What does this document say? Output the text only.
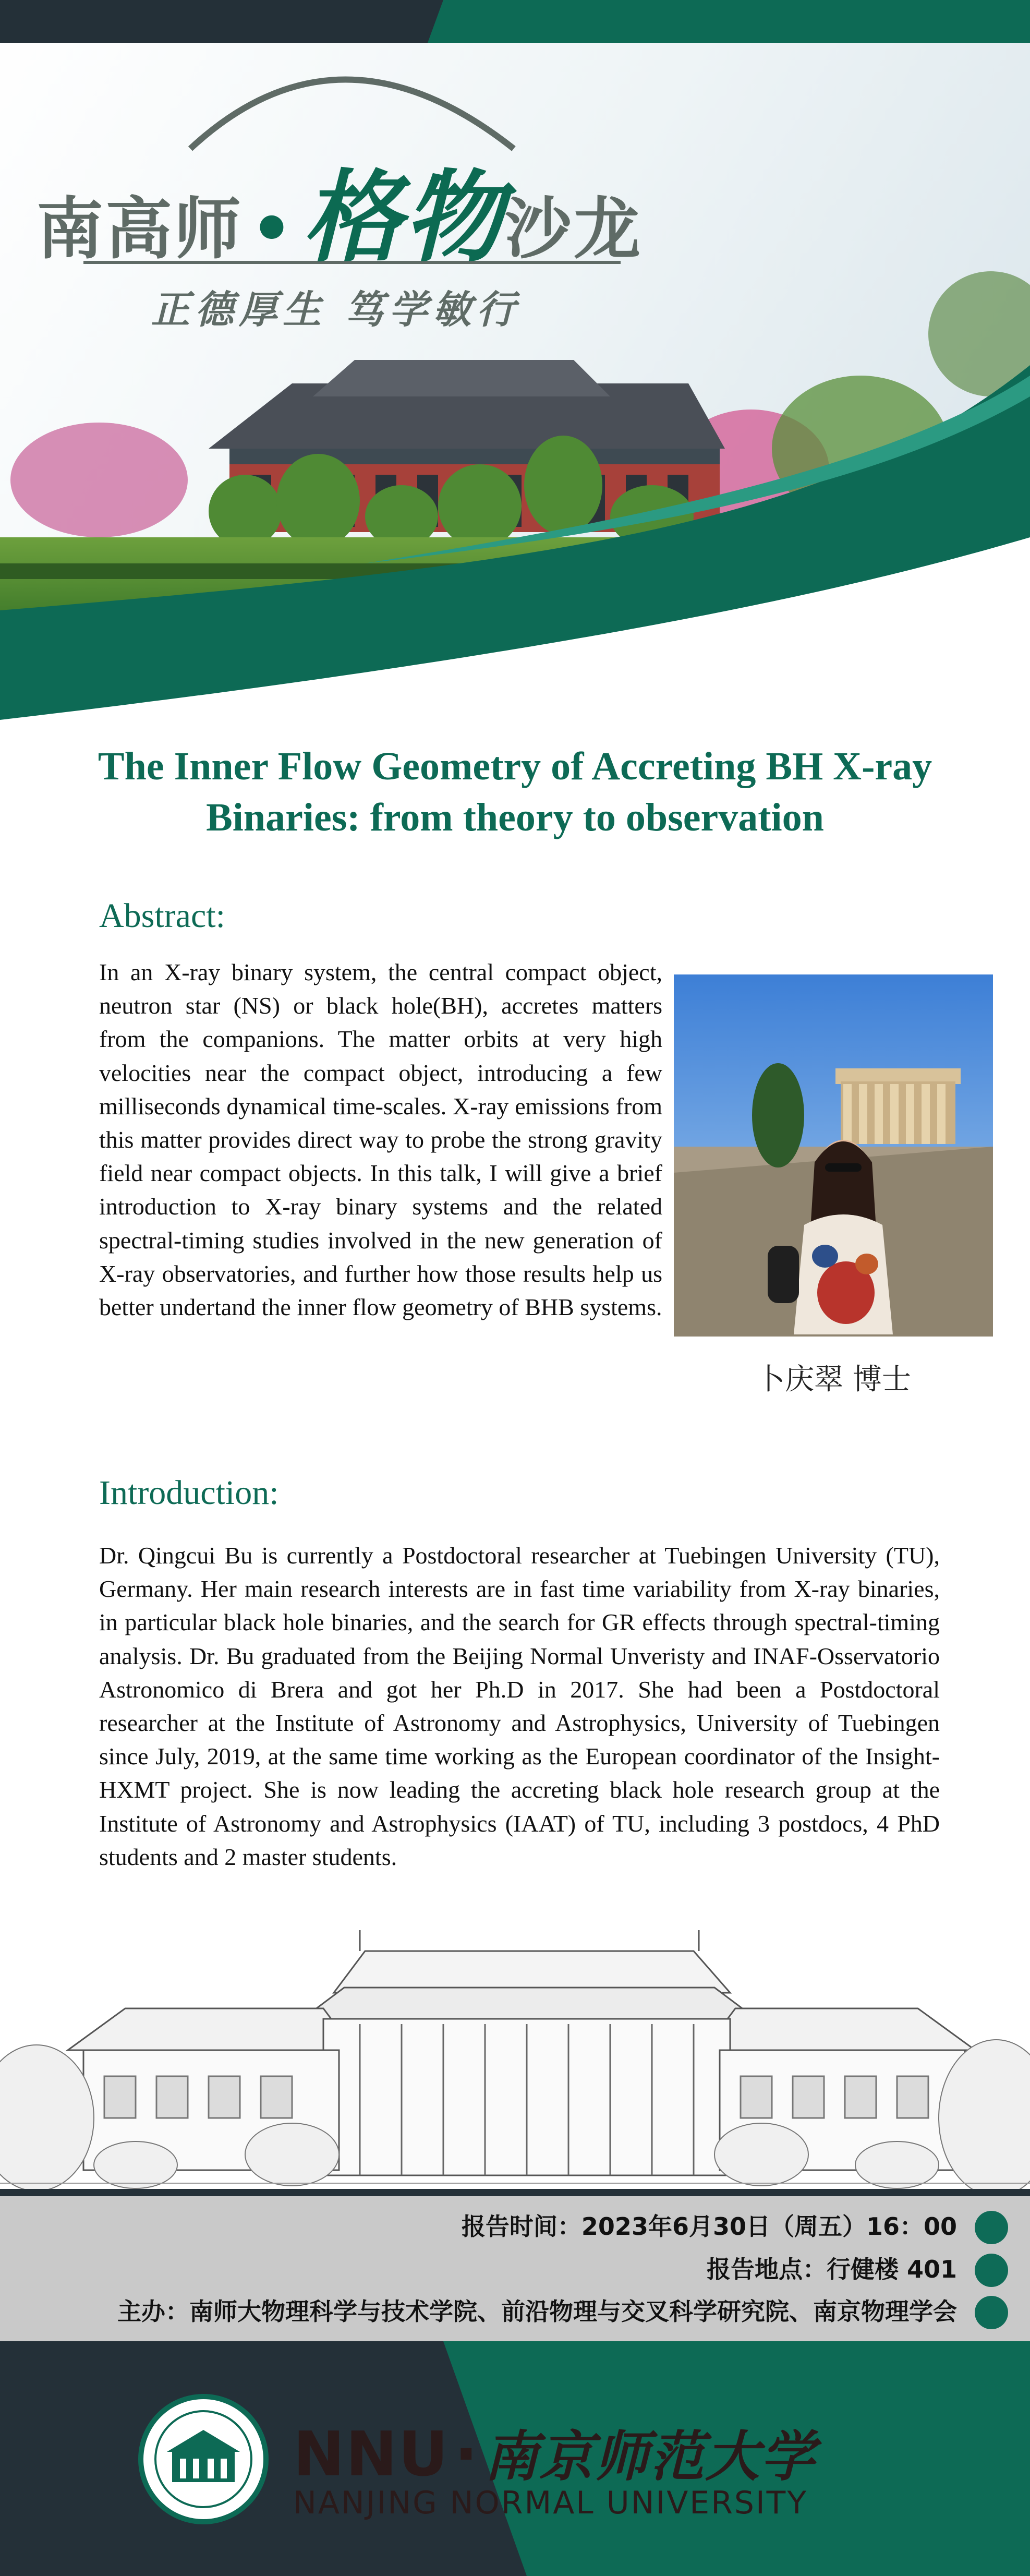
南高师 •格物沙龙
正德厚生 笃学敏行
The Inner Flow Geometry of Accreting BH X-ray
Binaries: from theory to observation
Abstract:
In an X-ray binary system, the central compact object, neutron star (NS) or black hole(BH), accretes matters from the companions. The matter orbits at very high velocities near the compact object, introducing a few milliseconds dynamical time-scales. X-ray emissions from this matter provides direct way to probe the strong gravity field near compact objects. In this talk, I will give a brief introduction to X-ray binary systems and the related spectral-timing studies involved in the new generation of X-ray observatories, and further how those results help us better undertand the inner flow geometry of BHB systems.
卜庆翠 博士
Introduction:
Dr. Qingcui Bu is currently a Postdoctoral researcher at Tuebingen University (TU), Germany. Her main research interests are in fast time variability from X-ray binaries, in particular black hole binaries, and the search for GR effects through spectral-timing analysis. Dr. Bu graduated from the Beijing Normal Unveristy and INAF-Osservatorio Astronomico di Brera and got her Ph.D in 2017. She had been a Postdoctoral researcher at the Institute of Astronomy and Astrophysics, University of Tuebingen since July, 2019, at the same time working as the European coordinator of the Insight-HXMT project. She is now leading the accreting black hole research group at the Institute of Astronomy and Astrophysics (IAAT) of TU, including 3 postdocs, 4 PhD students and 2 master students.
报告时间：2023年6月30日（周五）16：00
报告地点：行健楼 401
主办：南师大物理科学与技术学院、前沿物理与交叉科学研究院、南京物理学会
NNU·南京师范大学
NANJING NORMAL UNIVERSITY
